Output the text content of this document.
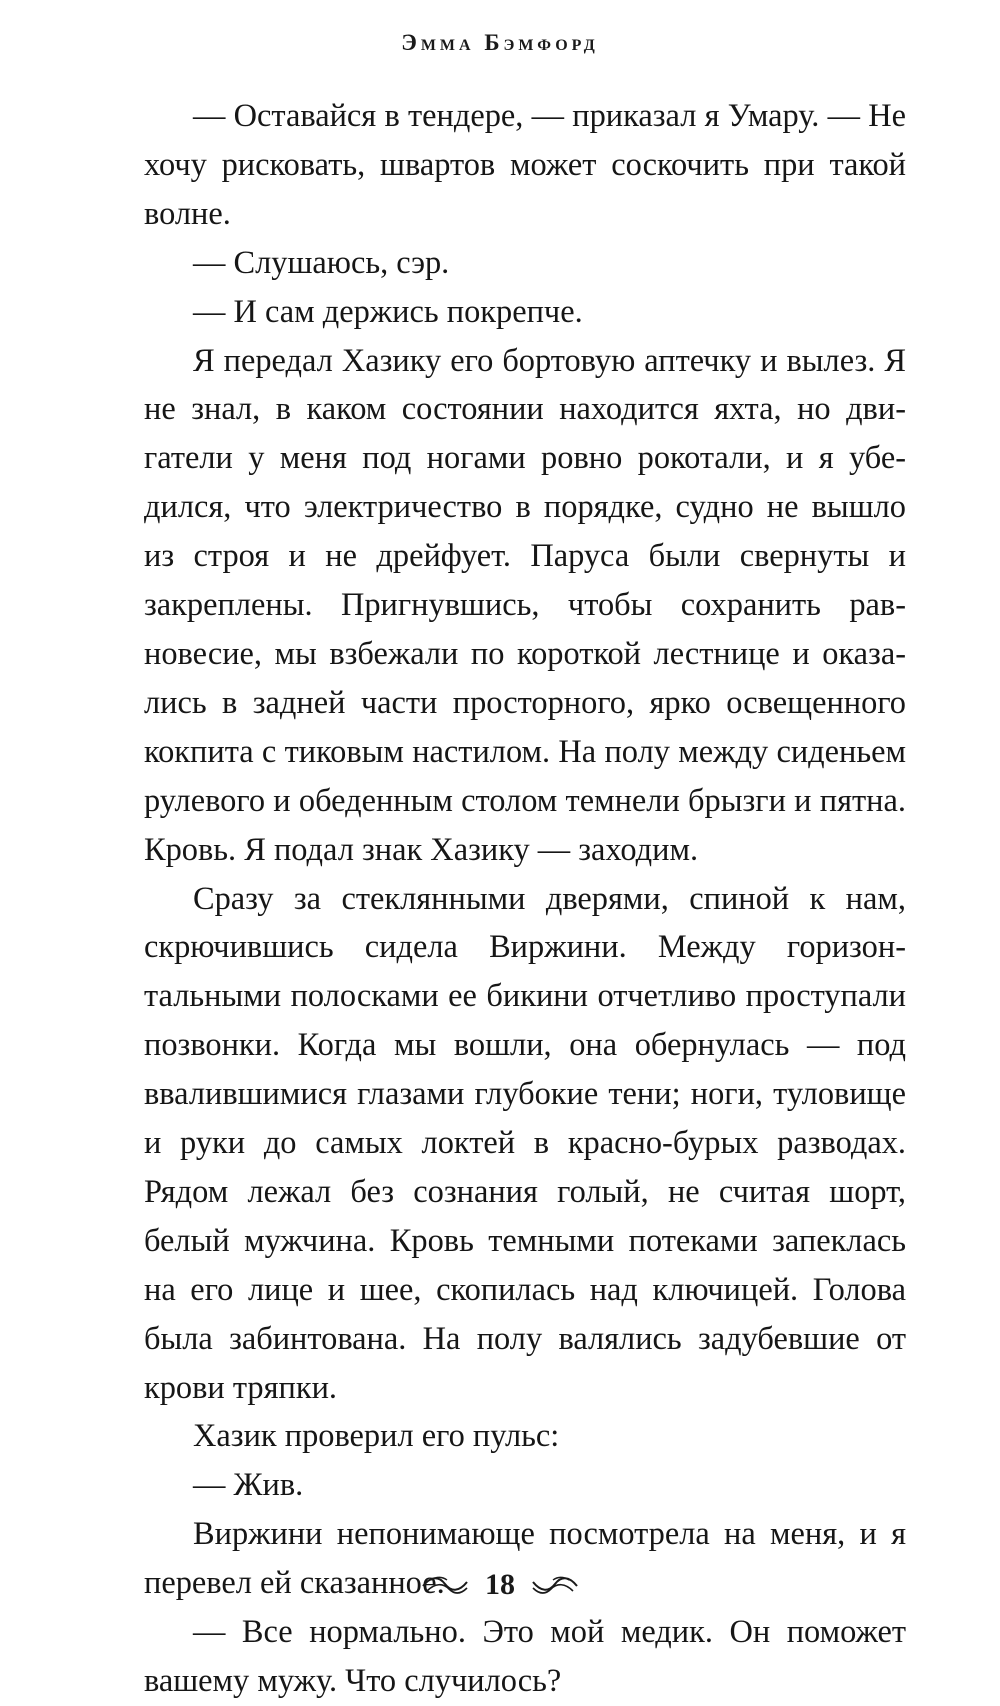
Эмма Бэмфорд

— Оставайся в тендере, — приказал я Умару. — Не хочу рисковать, швартов может соскочить при такой волне.

— Слушаюсь, сэр.

— И сам держись покрепче.

Я передал Хазику его бортовую аптечку и вылез. Я не знал, в каком состоянии находится яхта, но двигатели у меня под ногами ровно рокотали, и я убедился, что электричество в порядке, судно не вышло из строя и не дрейфует. Паруса были свернуты и закреплены. Пригнувшись, чтобы сохранить равновесие, мы взбежали по короткой лестнице и оказались в задней части просторного, ярко освещенного кокпита с тиковым настилом. На полу между сиденьем рулевого и обеденным столом темнели брызги и пятна. Кровь. Я подал знак Хазику — заходим.

Сразу за стеклянными дверями, спиной к нам, скрючившись сидела Виржини. Между горизонтальными полосками ее бикини отчетливо проступали позвонки. Когда мы вошли, она обернулась — под ввалившимися глазами глубокие тени; ноги, туловище и руки до самых локтей в красно-бурых разводах. Рядом лежал без сознания голый, не считая шорт, белый мужчина. Кровь темными потеками запеклась на его лице и шее, скопилась над ключицей. Голова была забинтована. На полу валялись задубевшие от крови тряпки.

Хазик проверил его пульс:

— Жив.

Виржини непонимающе посмотрела на меня, и я перевел ей сказанное.

— Все нормально. Это мой медик. Он поможет вашему мужу. Что случилось?

18
